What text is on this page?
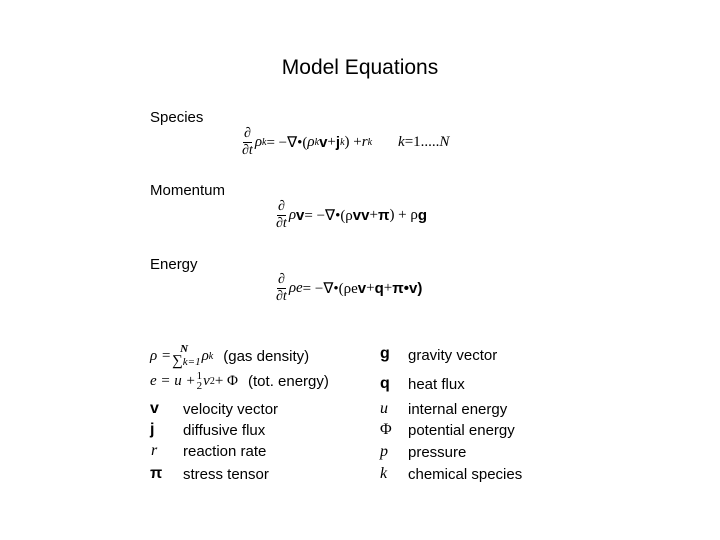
Model Equations
Species
$\frac{\partial}{\partial t}$ ρ k = −∇•( ρ k v + j k ) + r k k =1..... N
Momentum
$\frac{\partial}{\partial t}$ ρ v = −∇•(ρ vv + π ) + ρ g
Energy
$\frac{\partial}{\partial t}$ ρe = −∇•(ρe v + q + π • v )
ρ = N
∑ k=1 ρ k (gas density)
e = u + 1
2 v 2 + Φ (tot. energy)
v velocity vector
j diffusive flux
r reaction rate
π stress tensor
g gravity vector
q heat flux
u internal energy
Φ potential energy
p pressure
k chemical species
